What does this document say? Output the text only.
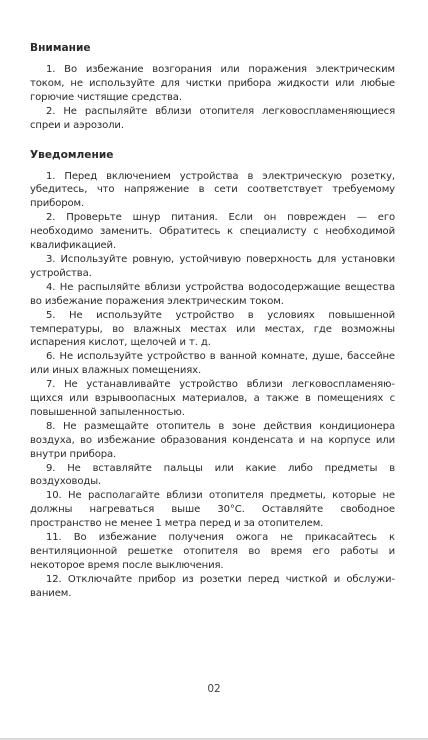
Внимание

1. Во избежание возгорания или поражения электрическим током, не используйте для чистки прибора жидкости или любые горючие чистящие средства.

2. Не распыляйте вблизи отопителя легковоспламеняющиеся спреи и аэрозоли.

Уведомление

1. Перед включением устройства в электрическую розетку, убедитесь, что напряжение в сети соответствует требуемому прибором.

2. Проверьте шнур питания. Если он поврежден — его необходимо заменить. Обратитесь к специалисту с необходимой квалификацией.

3. Используйте ровную, устойчивую поверхность для установки устройства.

4. Не распыляйте вблизи устройства водосодержащие вещества во избежание поражения электрическим током.

5. Не используйте устройство в условиях повышенной температуры, во влажных местах или местах, где возможны испарения кислот, щелочей и т. д.

6. Не используйте устройство в ванной комнате, душе, бассейне или иных влажных помещениях.

7. Не устанавливайте устройство вблизи легковоспламеняющихся или взрывоопасных материалов, а также в помещениях с повышенной запыленностью.

8. Не размещайте отопитель в зоне действия кондиционера воздуха, во избежание образования конденсата и на корпусе или внутри прибора.

9. Не вставляйте пальцы или какие либо предметы в воздуховоды.

10. Не располагайте вблизи отопителя предметы, которые не должны нагреваться выше 30°С. Оставляйте свободное пространство не менее 1 метра перед и за отопителем.

11. Во избежание получения ожога не прикасайтесь к вентиляционной решетке отопителя во время его работы и некоторое время после выключения.

12. Отключайте прибор из розетки перед чисткой и обслуживанием.

02
